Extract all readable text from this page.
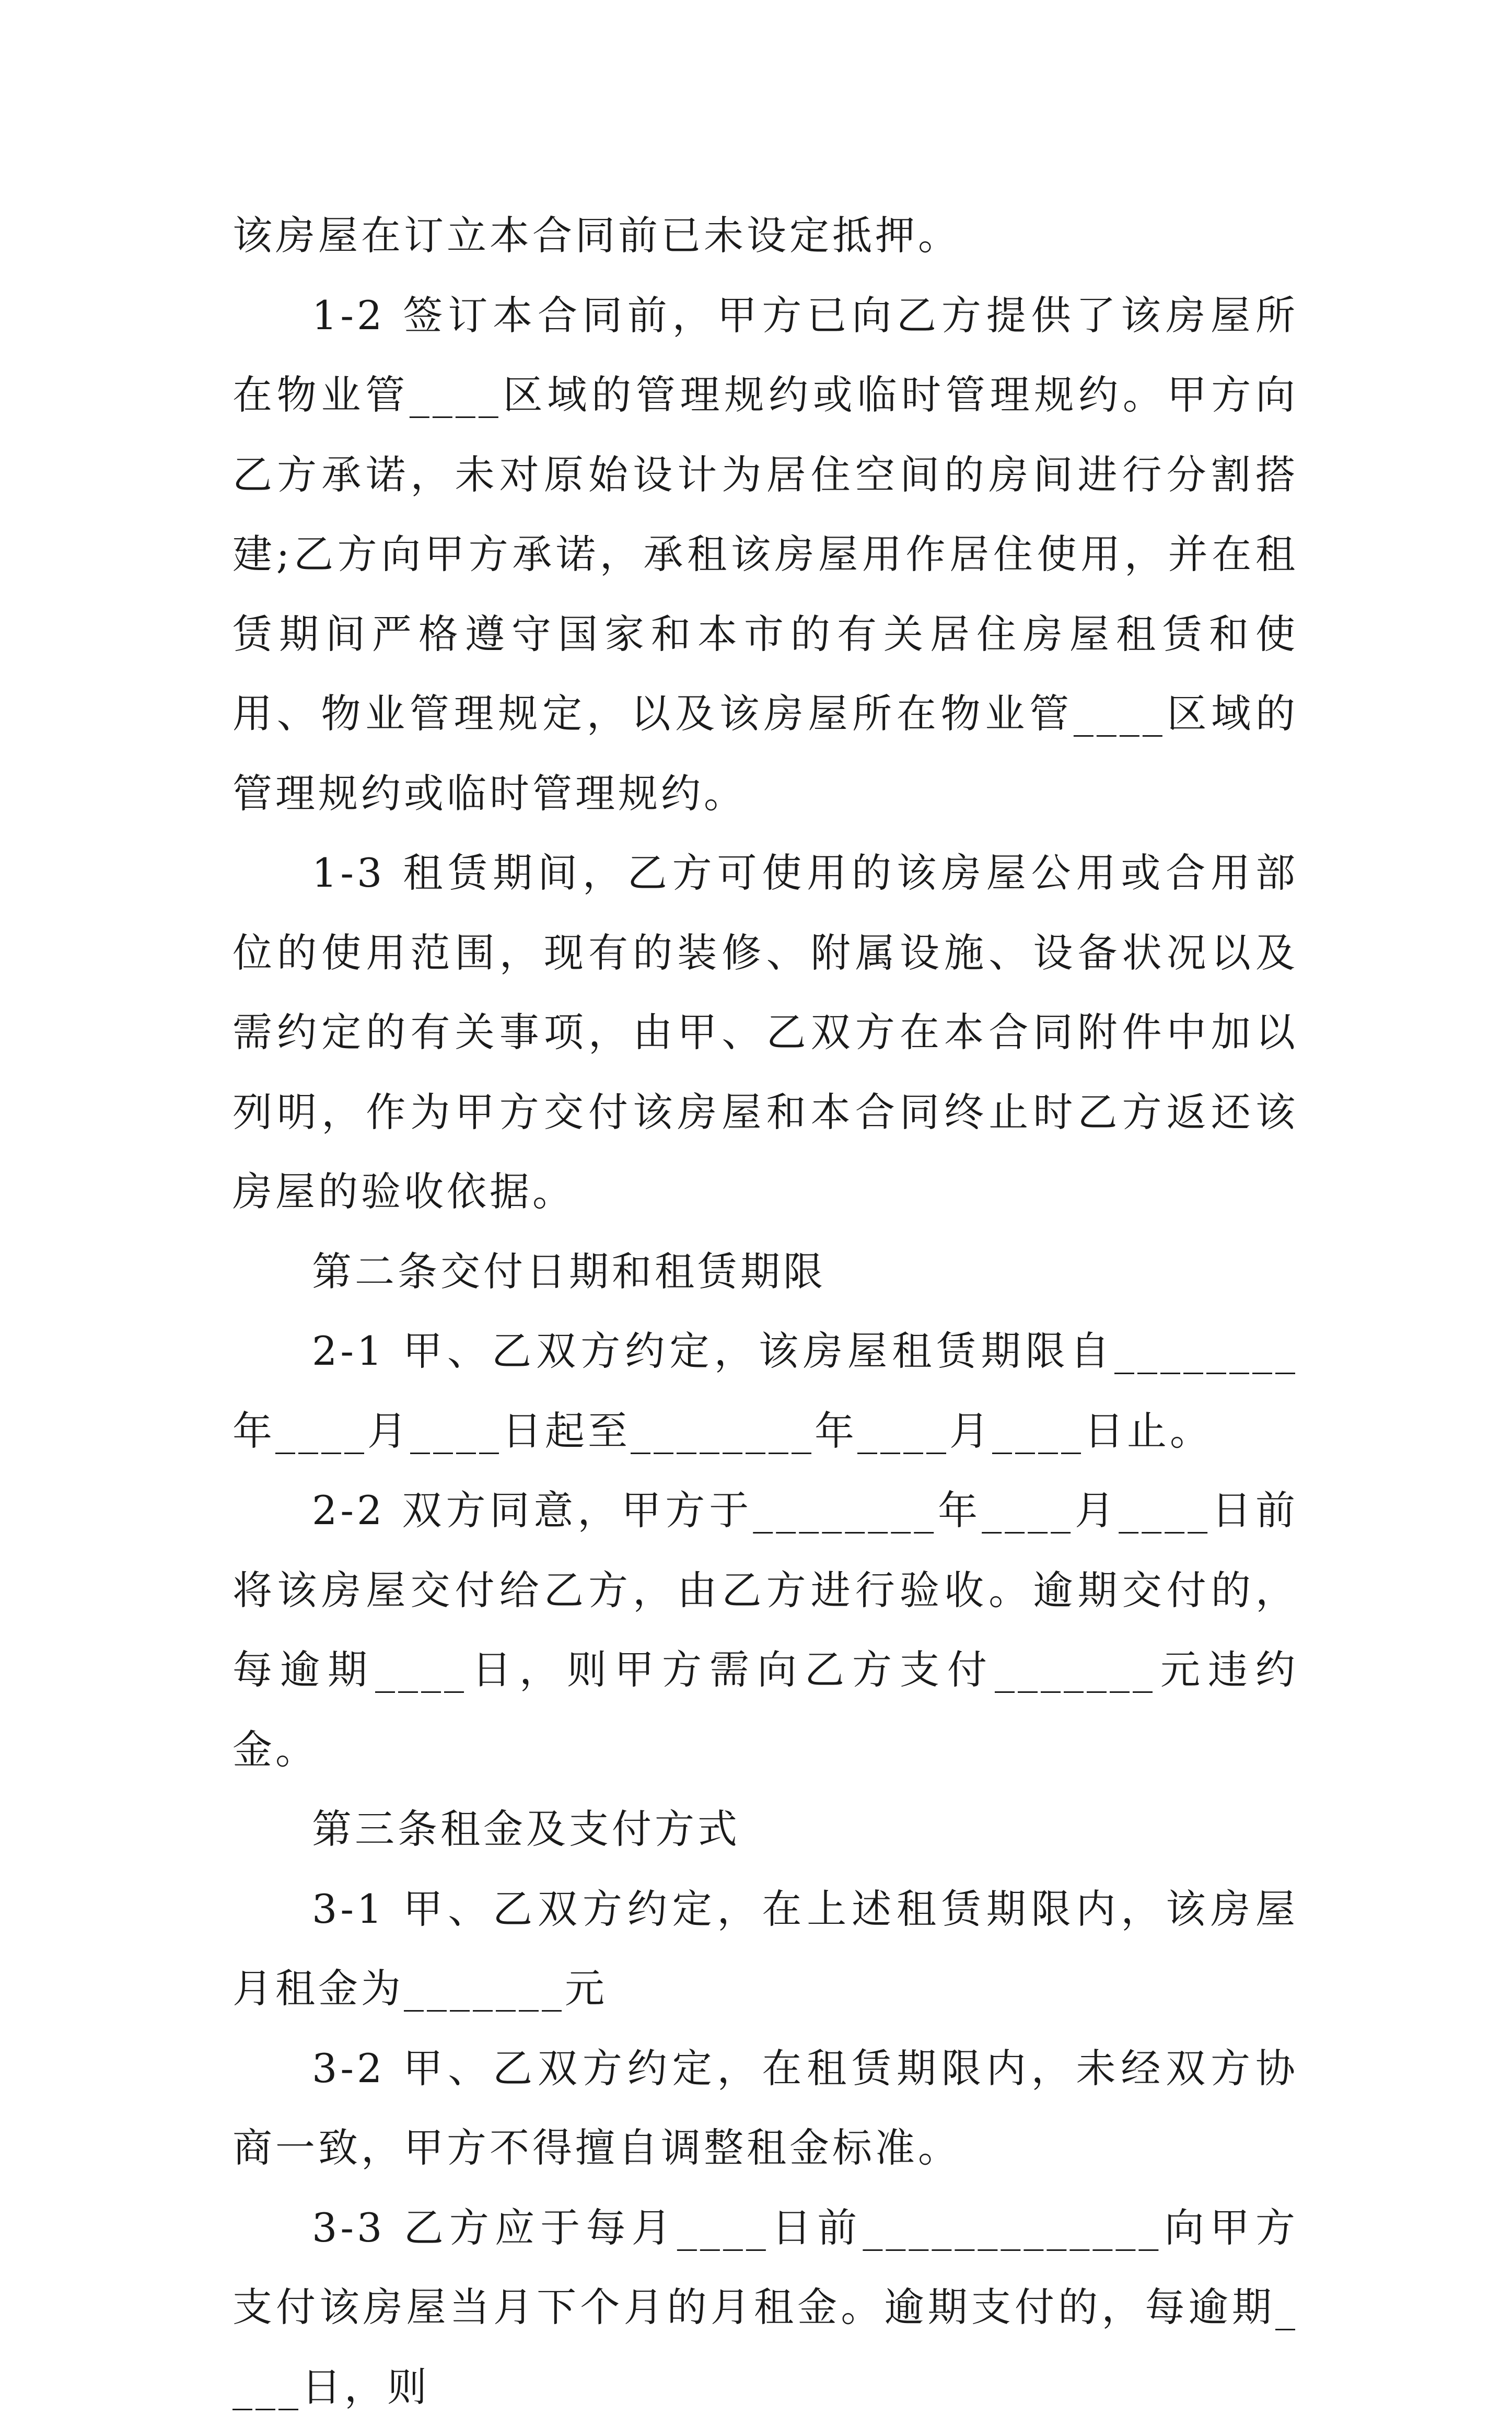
该房屋在订立本合同前已未设定抵押。

1-2 签订本合同前，甲方已向乙方提供了该房屋所在物业管____区域的管理规约或临时管理规约。甲方向乙方承诺，未对原始设计为居住空间的房间进行分割搭建;乙方向甲方承诺，承租该房屋用作居住使用，并在租赁期间严格遵守国家和本市的有关居住房屋租赁和使用、物业管理规定，以及该房屋所在物业管____区域的管理规约或临时管理规约。

1-3 租赁期间，乙方可使用的该房屋公用或合用部位的使用范围，现有的装修、附属设施、设备状况以及需约定的有关事项，由甲、乙双方在本合同附件中加以列明，作为甲方交付该房屋和本合同终止时乙方返还该房屋的验收依据。

第二条交付日期和租赁期限

2-1 甲、乙双方约定，该房屋租赁期限自________年____月____日起至________年____月____日止。

2-2 双方同意，甲方于________年____月____日前将该房屋交付给乙方，由乙方进行验收。逾期交付的，每逾期____日，则甲方需向乙方支付_______元违约金。

第三条租金及支付方式

3-1 甲、乙双方约定，在上述租赁期限内，该房屋月租金为_______元

3-2 甲、乙双方约定，在租赁期限内，未经双方协商一致，甲方不得擅自调整租金标准。

3-3 乙方应于每月____日前_____________向甲方支付该房屋当月下个月的月租金。逾期支付的，每逾期____日，则
